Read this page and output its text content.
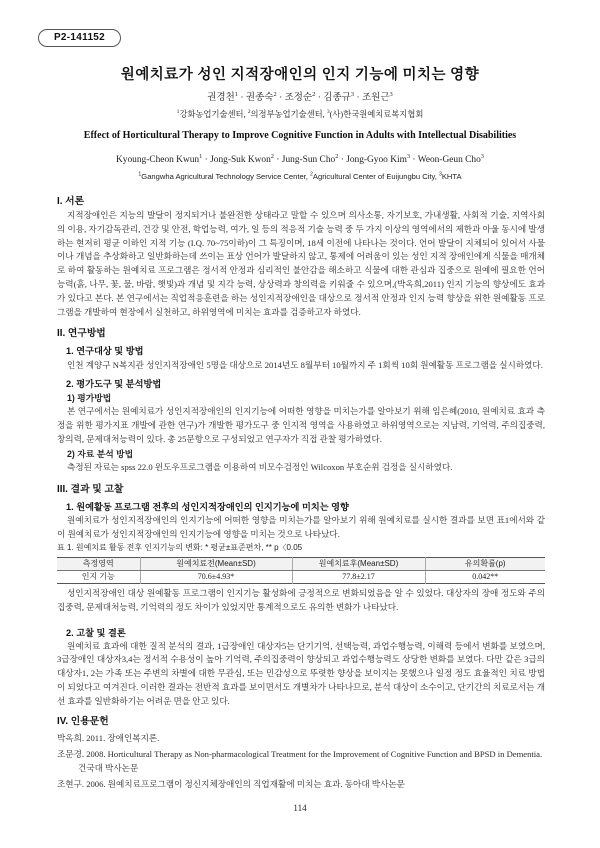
P2-141152
원예치료가 성인 지적장애인의 인지 기능에 미치는 영향
권경천$^1$ · 권종숙$^2$ · 조정순$^2$ · 김종규$^3$ · 조원근$^3$
$^1$강화농업기술센터, $^2$의정부농업기술센터, $^3$(사)한국원예치료복지협회
Effect of Horticultural Therapy to Improve Cognitive Function in Adults with Intellectual Disabilities
Kyoung-Cheon Kwun$^1$ · Jong-Suk Kwon$^2$ · Jung-Sun Cho$^2$ · Jong-Gyoo Kim$^3$ · Weon-Geun Cho$^3$
$^1$Gangwha Agricultural Technology Service Center, $^2$Agricultural Center of Euijungbu City, $^3$KHTA
I. 서론

지적장애인은 지능의 발달이 정지되거나 불완전한 상태라고 말할 수 있으며 의사소통, 자기보호, 가내생활, 사회적 기술, 지역사회의 이용, 자기감독관리, 건강 및 안전, 학업능력, 여가, 일 등의 적응적 기술 능력 중 두 가지 이상의 영역에서의 제한과 아울 동시에 발생하는 현저히 평균 이하인 지적 기능 (I.Q. 70~75이하)이 그 특징이며, 18세 이전에 나타나는 것이다. 언어 발달이 지체되어 있어서 사물이나 개념을 추상화하고 일반화하는데 쓰이는 표상 언어가 발달하지 않고, 통제에 어려움이 있는 성인 지적 장애인에게 식물을 매개체로 하여 활동하는 원예치료 프로그램은 정서적 안정과 심리적인 불안감을 해소하고 식물에 대한 관심과 집중으로 원예에 필요한 언어능력(흙, 나무, 꽃, 물, 바람, 햇빛)과 개념 및 지각 능력, 상상력과 창의력을 키워줄 수 있으며,(박옥희,2011) 인지 기능의 향상에도 효과가 있다고 본다. 본 연구에서는 직업적응훈련을 하는 성인지적장애인을 대상으로 정서적 안정과 인지 능력 향상을 위한 원예활동 프로그램을 개발하여 현장에서 실천하고, 하위영역에 미치는 효과를 검증하고자 하였다.

II. 연구방법
1. 연구대상 및 방법

인천 계양구 N복지관 성인지적장애인 5명을 대상으로 2014년도 8월부터 10월까지 주 1회씩 10회 원예활동 프로그램을 실시하였다.

2. 평가도구 및 분석방법
1) 평가방법

본 연구에서는 원예치료가 성인지적장애인의 인지기능에 어떠한 영향을 미치는가를 알아보기 위해 임은혜(2010, 원예치료 효과 측정을 위한 평가지표 개발에 관한 연구)가 개발한 평가도구 중 인지적 영역을 사용하였고 하위영역으로는 지남력, 기억력, 주의집중력, 창의력, 문제대처능력이 있다. 총 25문항으로 구성되었고 연구자가 직접 관찰 평가하였다.

2) 자료 분석 방법

측정된 자료는 spss 22.0 윈도우프로그램을 이용하여 비모수검정인 Wilcoxon 부호순위 검정을 실시하였다.

III. 결과 및 고찰
1. 원예활동 프로그램 전후의 성인지적장애인의 인지기능에 미치는 영향

원예치료가 성인지적장애인의 인지기능에 어떠한 영향을 미치는가를 알아보기 위해 원예치료를 실시한 결과를 보면 표1에서와 같이 원예치료가 성인지적장애인의 인지기능에 영향을 미치는 것으로 나타났다.

표 1. 원예치료 활동 전후 인지기능의 변화: * 평균±표준편차, ** p〈0.05
측정영역	원예치료전(Mean±SD)	원예치료후(Mean±SD)	유의확률(p)
인지 기능	70.6±4.93*	77.8±2.17	0.042**

성인지적장애인 대상 원예활동 프로그램이 인지기능 활성화에 긍정적으로 변화되었음을 알 수 있었다. 대상자의 장애 정도와 주의집중력, 문제대처능력, 기억력의 정도 차이가 있었지만 통계적으로도 유의한 변화가 나타났다.

2. 고찰 및 결론

원예치료 효과에 대한 질적 분석의 결과, 1급장애인 대상자5는 단기기억, 선택능력, 과업수행능력, 이해력 등에서 변화를 보였으며, 3급장애인 대상자3,4는 정서적 수용성이 높아 기억력, 주의집중력이 향상되고 과업수행능력도 상당한 변화를 보였다. 다만 같은 3급의 대상자1, 2는 가족 또는 주변의 차별에 대한 무관심, 또는 민감성으로 뚜렷한 향상을 보이지는 못했으나 일정 정도 효율적인 치료 방법이 되었다고 여겨진다. 이러한 결과는 전반적 효과를 보이면서도 개별차가 나타나므로, 분석 대상이 소수이고, 단기간의 치료로서는 개선 효과를 일반화하기는 어려운 면을 안고 있다.

IV. 인용문헌
박옥희. 2011. 장애인복지론.
조문경. 2008. Horticultural Therapy as Non-pharmacological Treatment for the Improvement of Cognitive Function and BPSD in Dementia. 건국대 박사논문
조현구. 2006. 원예치료프로그램이 정신지체장애인의 직업재활에 미치는 효과. 동아대 박사논문
114
